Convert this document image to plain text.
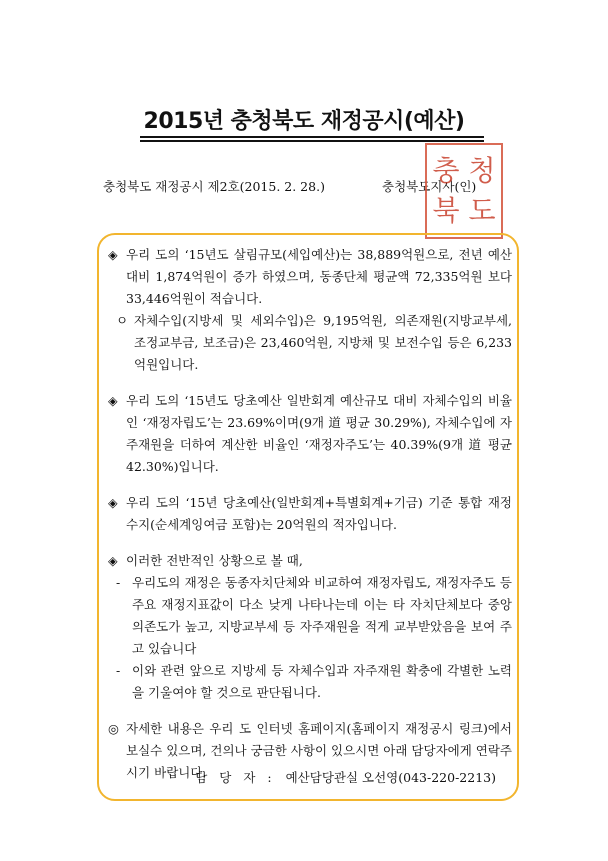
2015년 충청북도 재정공시(예산)
충청북도 재정공시 제2호(2015. 2. 28.)	충청북도지사(인)
충 청
북 도
◈ 우리 도의 ‘15년도 살림규모(세입예산)는 38,889억원으로, 전년 예산대비 1,874억원이 증가 하였으며, 동종단체 평균액 72,335억원 보다 33,446억원이 적습니다.
ㅇ 자체수입(지방세 및 세외수입)은 9,195억원, 의존재원(지방교부세, 조정교부금, 보조금)은 23,460억원, 지방채 및 보전수입 등은 6,233억원입니다.
◈ 우리 도의 ‘15년도 당초예산 일반회계 예산규모 대비 자체수입의 비율인 ‘재정자립도’는 23.69%이며(9개 道 평균 30.29%), 자체수입에 자주재원을 더하여 계산한 비율인 ‘재정자주도’는 40.39%(9개 道 평균 42.30%)입니다.
◈ 우리 도의 ‘15년 당초예산(일반회계+특별회계+기금) 기준 통합 재정수지(순세계잉여금 포함)는 20억원의 적자입니다.
◈ 이러한 전반적인 상황으로 볼 때,
- 우리도의 재정은 동종자치단체와 비교하여 재정자립도, 재정자주도 등 주요 재정지표값이 다소 낮게 나타나는데 이는 타 자치단체보다 중앙의존도가 높고, 지방교부세 등 자주재원을 적게 교부받았음을 보여 주고 있습니다
- 이와 관련 앞으로 지방세 등 자체수입과 자주재원 확충에 각별한 노력을 기울여야 할 것으로 판단됩니다.
◎ 자세한 내용은 우리 도 인터넷 홈페이지(홈페이지 재정공시 링크)에서 보실수 있으며, 건의나 궁금한 사항이 있으시면 아래 담당자에게 연락주시기 바랍니다.
담 당 자 : 예산담당관실 오선영(043-220-2213)
